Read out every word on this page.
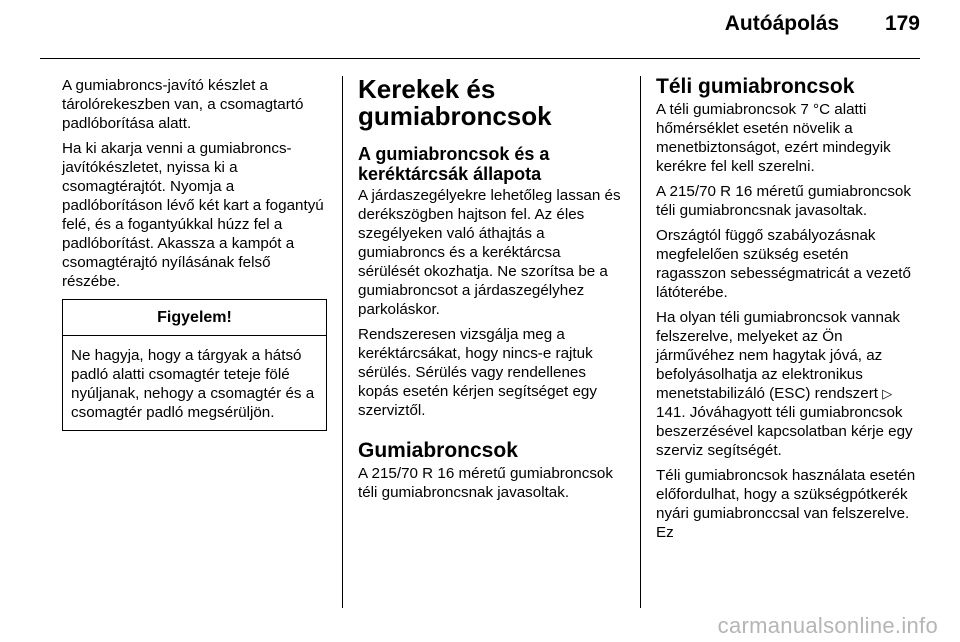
Autóápolás 179

A gumiabroncs-javító készlet a tárolórekeszben van, a csomagtartó padlóborítása alatt.

Ha ki akarja venni a gumiabroncs-javítókészletet, nyissa ki a csomagtérajtót. Nyomja a padlóborításon lévő két kart a fogantyú felé, és a fogantyúkkal húzz fel a padlóborítást. Akassza a kampót a csomagtérajtó nyílásának felső részébe.

Figyelem!
Ne hagyja, hogy a tárgyak a hátsó padló alatti csomagtér teteje fölé nyúljanak, nehogy a csomagtér és a csomagtér padló megsérüljön.
Kerekek és gumiabroncsok
A gumiabroncsok és a keréktárcsák állapota

A járdaszegélyekre lehetőleg lassan és derékszögben hajtson fel. Az éles szegélyeken való áthajtás a gumiabroncs és a keréktárcsa sérülését okozhatja. Ne szorítsa be a gumiabroncsot a járdaszegélyhez parkoláskor.

Rendszeresen vizsgálja meg a keréktárcsákat, hogy nincs-e rajtuk sérülés. Sérülés vagy rendellenes kopás esetén kérjen segítséget egy szerviztől.

Gumiabroncsok

A 215/70 R 16 méretű gumiabroncsok téli gumiabroncsnak javasoltak.

Téli gumiabroncsok

A téli gumiabroncsok 7 °C alatti hőmérséklet esetén növelik a menetbiztonságot, ezért mindegyik kerékre fel kell szerelni.

A 215/70 R 16 méretű gumiabroncsok téli gumiabroncsnak javasoltak.

Országtól függő szabályozásnak megfelelően szükség esetén ragasszon sebességmatricát a vezető látóterébe.

Ha olyan téli gumiabroncsok vannak felszerelve, melyeket az Ön járművéhez nem hagytak jóvá, az befolyásolhatja az elektronikus menetstabilizáló (ESC) rendszert ▷ 141. Jóváhagyott téli gumiabroncsok beszerzésével kapcsolatban kérje egy szerviz segítségét.

Téli gumiabroncsok használata esetén előfordulhat, hogy a szükségpótkerék nyári gumiabronccsal van felszerelve. Ez

carmanualsonline.info
